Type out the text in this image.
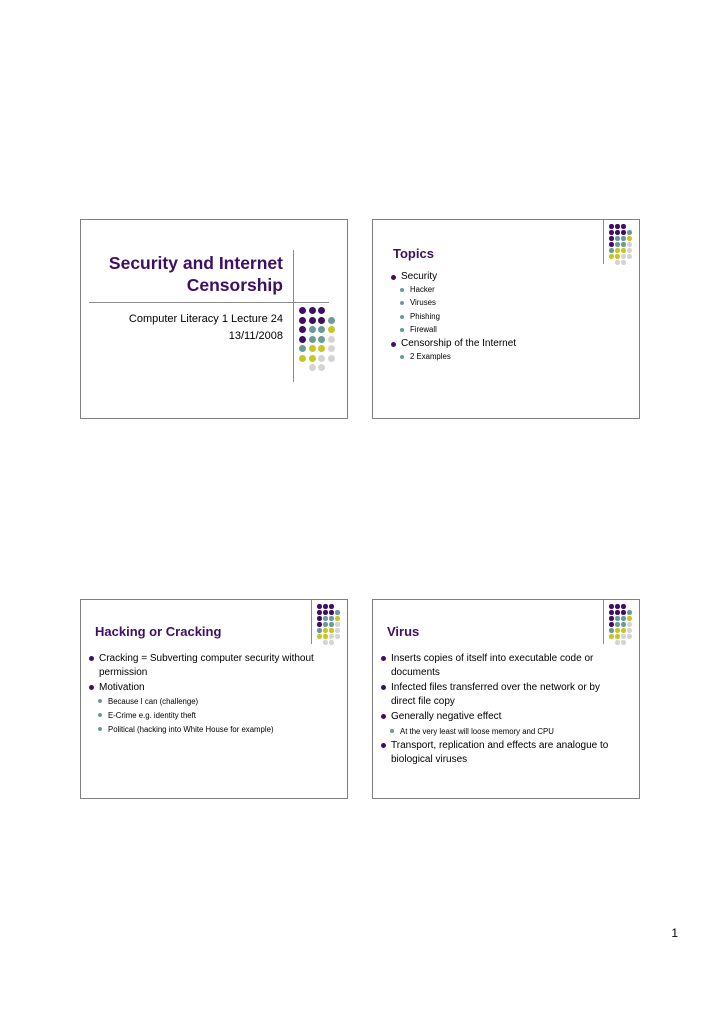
Security and Internet
Censorship
Computer Literacy 1 Lecture 24
13/11/2008
Topics
Security
Hacker
Viruses
Phishing
Firewall
Censorship of the Internet
2 Examples
Hacking or Cracking
Cracking = Subverting computer security without permission
Motivation
Because I can (challenge)
E-Crime e.g. identity theft
Political (hacking into White House for example)
Virus
Inserts copies of itself into executable code or documents
Infected files transferred over the network or by direct file copy
Generally negative effect
At the very least will loose memory and CPU
Transport, replication and effects are analogue to biological viruses
1
